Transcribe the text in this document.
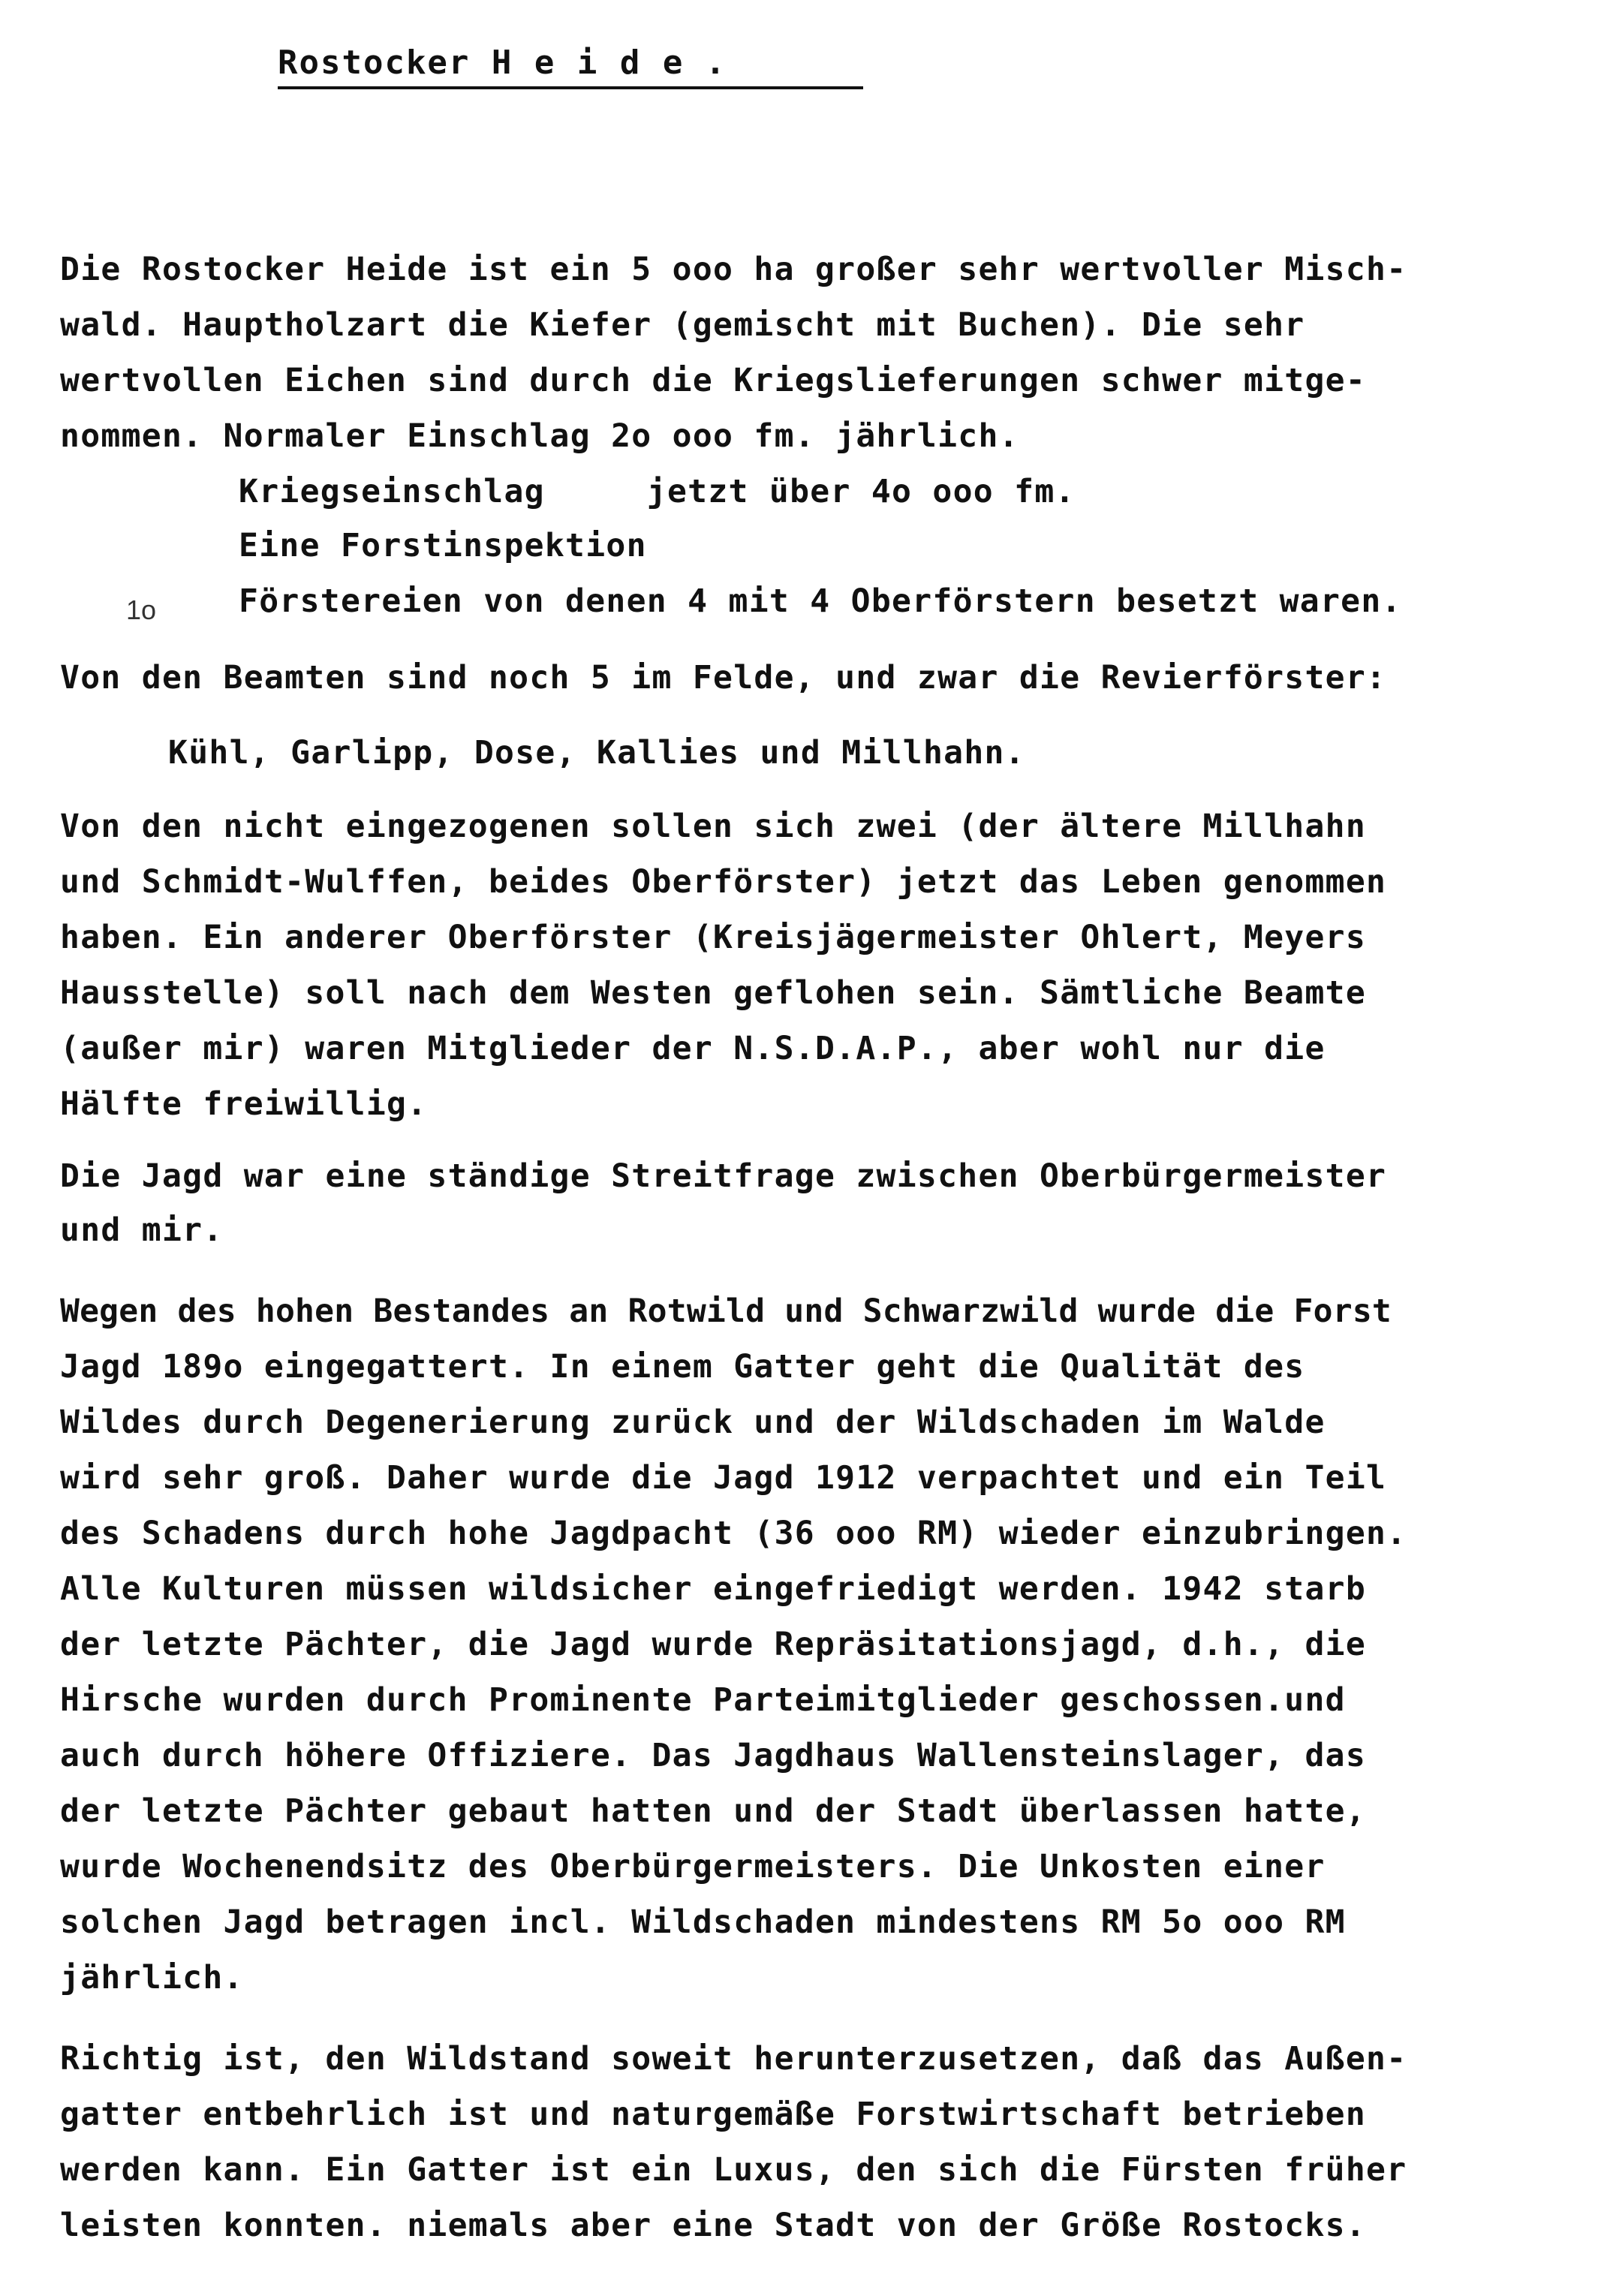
Rostocker H e i d e .
1o
Die Rostocker Heide ist ein 5 ooo ha großer sehr wertvoller Misch-
wald. Hauptholzart die Kiefer (gemischt mit Buchen). Die sehr
wertvollen Eichen sind durch die Kriegslieferungen schwer mitge-
nommen. Normaler Einschlag 2o ooo fm. jährlich.
Kriegseinschlag     jetzt über 4o ooo fm.
Eine Forstinspektion
Förstereien von denen 4 mit 4 Oberförstern besetzt waren.
Von den Beamten sind noch 5 im Felde, und zwar die Revierförster:
Kühl, Garlipp, Dose, Kallies und Millhahn.
Von den nicht eingezogenen sollen sich zwei (der ältere Millhahn
und Schmidt-Wulffen, beides Oberförster) jetzt das Leben genommen
haben. Ein anderer Oberförster (Kreisjägermeister Ohlert, Meyers
Hausstelle) soll nach dem Westen geflohen sein. Sämtliche Beamte
(außer mir) waren Mitglieder der N.S.D.A.P., aber wohl nur die
Hälfte freiwillig.
Die Jagd war eine ständige Streitfrage zwischen Oberbürgermeister
und mir.
Wegen des hohen Bestandes an Rotwild und Schwarzwild wurde die Forst
Jagd 189o eingegattert. In einem Gatter geht die Qualität des
Wildes durch Degenerierung zurück und der Wildschaden im Walde
wird sehr groß. Daher wurde die Jagd 1912 verpachtet und ein Teil
des Schadens durch hohe Jagdpacht (36 ooo RM) wieder einzubringen.
Alle Kulturen müssen wildsicher eingefriedigt werden. 1942 starb
der letzte Pächter, die Jagd wurde Repräsitationsjagd, d.h., die
Hirsche wurden durch Prominente Parteimitglieder geschossen.und
auch durch höhere Offiziere. Das Jagdhaus Wallensteinslager, das
der letzte Pächter gebaut hatten und der Stadt überlassen hatte,
wurde Wochenendsitz des Oberbürgermeisters. Die Unkosten einer
solchen Jagd betragen incl. Wildschaden mindestens RM 5o ooo RM
jährlich.
Richtig ist, den Wildstand soweit herunterzusetzen, daß das Außen-
gatter entbehrlich ist und naturgemäße Forstwirtschaft betrieben
werden kann. Ein Gatter ist ein Luxus, den sich die Fürsten früher
leisten konnten. niemals aber eine Stadt von der Größe Rostocks.
